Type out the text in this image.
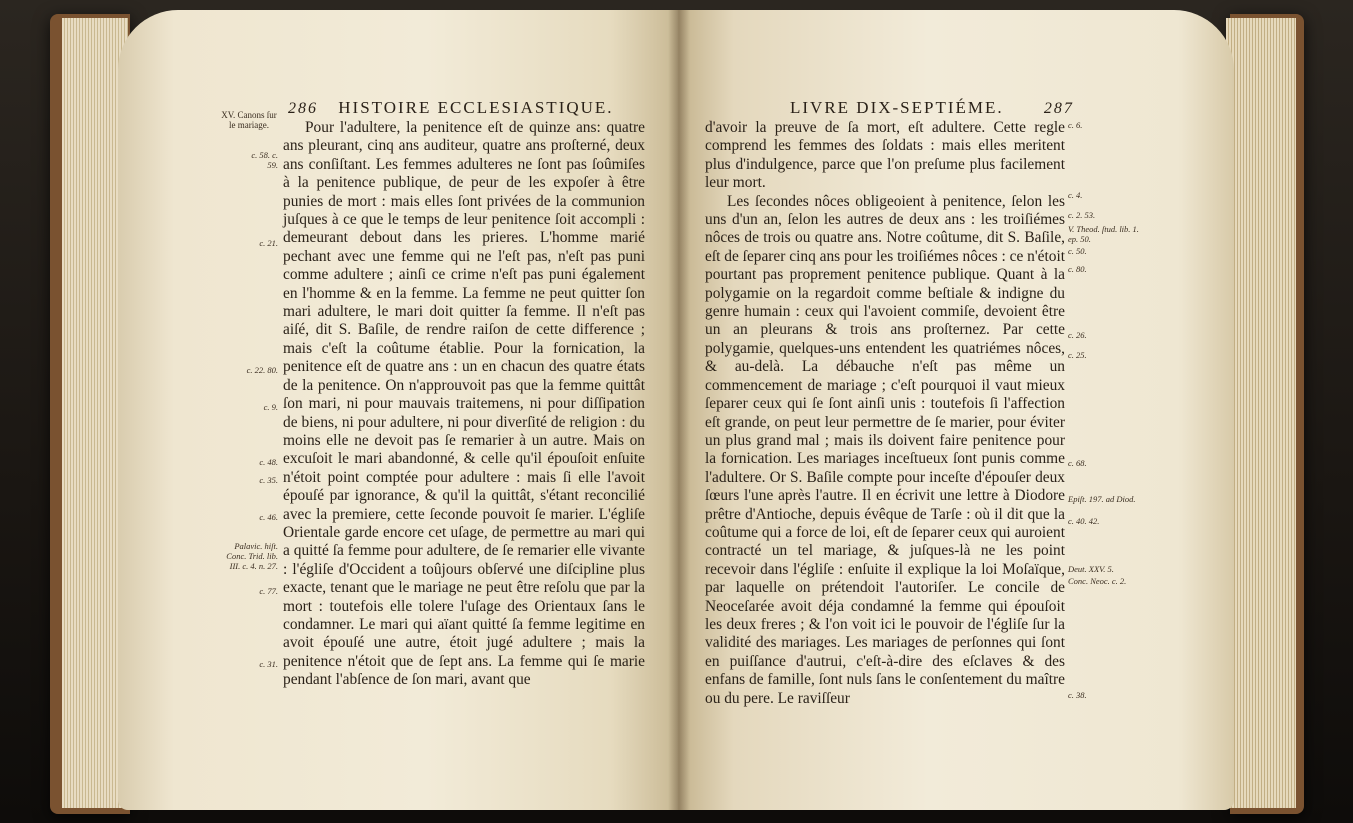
286 HISTOIRE ECCLESIASTIQUE.

Pour l'adultere, la penitence eſt de quinze ans: quatre ans pleurant, cinq ans auditeur, quatre ans proſterné, deux ans conſiſtant. Les femmes adulteres ne ſont pas ſoûmiſes à la penitence publique, de peur de les expoſer à être punies de mort : mais elles ſont privées de la communion juſques à ce que le temps de leur penitence ſoit accompli : demeurant debout dans les prieres. L'homme marié pechant avec une femme qui ne l'eſt pas, n'eſt pas puni comme adultere ; ainſi ce crime n'eſt pas puni également en l'homme & en la femme. La femme ne peut quitter ſon mari adultere, le mari doit quitter ſa femme. Il n'eſt pas aiſé, dit S. Baſile, de rendre raiſon de cette difference ; mais c'eſt la coûtume établie. Pour la fornication, la penitence eſt de quatre ans : un en chacun des quatre états de la penitence. On n'approuvoit pas que la femme quittât ſon mari, ni pour mauvais traitemens, ni pour diſſipation de biens, ni pour adultere, ni pour diverſité de religion : du moins elle ne devoit pas ſe remarier à un autre. Mais on excuſoit le mari abandonné, & celle qu'il épouſoit enſuite n'étoit point comptée pour adultere : mais ſi elle l'avoit épouſé par ignorance, & qu'il la quittât, s'étant reconcilié avec la premiere, cette ſeconde pouvoit ſe marier. L'égliſe Orientale garde encore cet uſage, de permettre au mari qui a quitté ſa femme pour adultere, de ſe remarier elle vivante : l'égliſe d'Occident a toûjours obſervé une diſcipline plus exacte, tenant que le mariage ne peut être reſolu que par la mort : toutefois elle tolere l'uſage des Orientaux ſans le condamner. Le mari qui aïant quitté ſa femme legitime en avoit épouſé une autre, étoit jugé adultere ; mais la penitence n'étoit que de ſept ans. La femme qui ſe marie pendant l'abſence de ſon mari, avant que

XV. Canons ſur le mariage.
c. 58. c. 59.
c. 21.
c. 22. 80.
c. 9.
c. 48.
c. 35.
c. 46.
Palavic. hiſt. Conc. Trid. lib. III. c. 4. n. 27.
c. 77.
c. 31.
LIVRE DIX-SEPTIÉME.	287

d'avoir la preuve de ſa mort, eſt adultere. Cette regle comprend les femmes des ſoldats : mais elles meritent plus d'indulgence, parce que l'on preſume plus facilement leur mort.

Les ſecondes nôces obligeoient à penitence, ſelon les uns d'un an, ſelon les autres de deux ans : les troiſiémes nôces de trois ou quatre ans. Notre coûtume, dit S. Baſile, eſt de ſeparer cinq ans pour les troiſiémes nôces : ce n'étoit pourtant pas proprement penitence publique. Quant à la polygamie on la regardoit comme beſtiale & indigne du genre humain : ceux qui l'avoient commiſe, devoient être un an pleurans & trois ans proſternez. Par cette polygamie, quelques-uns entendent les quatriémes nôces, & au-delà. La débauche n'eſt pas même un commencement de mariage ; c'eſt pourquoi il vaut mieux ſeparer ceux qui ſe ſont ainſi unis : toutefois ſi l'affection eſt grande, on peut leur permettre de ſe marier, pour éviter un plus grand mal ; mais ils doivent faire penitence pour la fornication. Les mariages inceſtueux ſont punis comme l'adultere. Or S. Baſile compte pour inceſte d'épouſer deux ſœurs l'une après l'autre. Il en écrivit une lettre à Diodore prêtre d'Antioche, depuis évêque de Tarſe : où il dit que la coûtume qui a force de loi, eſt de ſeparer ceux qui auroient contracté un tel mariage, & juſques-là ne les point recevoir dans l'égliſe : enſuite il explique la loi Moſaïque, par laquelle on prétendoit l'autoriſer. Le concile de Neoceſarée avoit déja condamné la femme qui épouſoit les deux freres ; & l'on voit ici le pouvoir de l'égliſe ſur la validité des mariages. Les mariages de perſonnes qui ſont en puiſſance d'autrui, c'eſt-à-dire des eſclaves & des enfans de famille, ſont nuls ſans le conſentement du maître ou du pere. Le raviſſeur

c. 6.
c. 4.
c. 2. 53.
V. Theod. ſtud. lib. 1. ep. 50.
c. 50.
c. 80.
c. 26.
c. 25.
c. 68.
Epiſt. 197. ad Diod.
c. 40. 42.
Deut. XXV. 5.
Conc. Neoc. c. 2.
c. 38.
